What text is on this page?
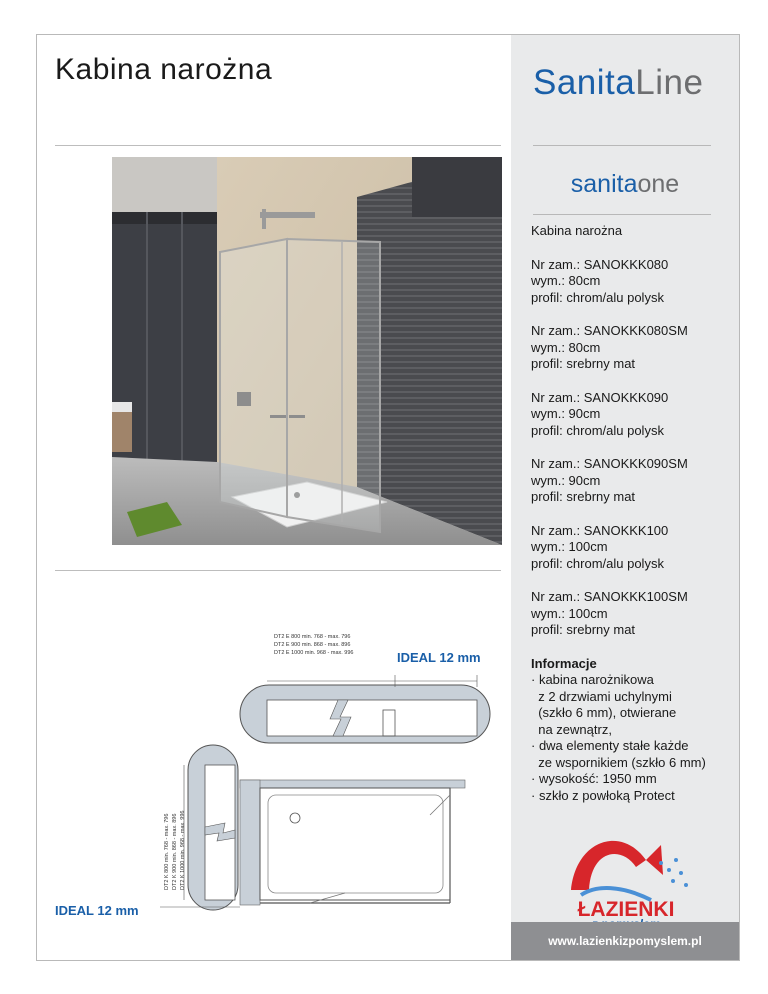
Kabina narożna
DT2 E 800 min. 768 - max. 796
DT2 E 900 min. 868 - max. 896
DT2 E 1000 min. 968 - max. 996	IDEAL 12 mm
DT2 K 800 min. 768 - max. 796 DT2 K 900 min. 868 - max. 896 DT2 K 1000 min. 968 - max. 996
IDEAL 12 mm
SanitaLine
sanitaone
Kabina narożna
Nr zam.: SANOKKK080
wym.: 80cm
profil: chrom/alu polysk
Nr zam.: SANOKKK080SM
wym.: 80cm
profil: srebrny mat
Nr zam.: SANOKKK090
wym.: 90cm
profil: chrom/alu polysk
Nr zam.: SANOKKK090SM
wym.: 90cm
profil: srebrny mat
Nr zam.: SANOKKK100
wym.: 100cm
profil: chrom/alu polysk
Nr zam.: SANOKKK100SM
wym.: 100cm
profil: srebrny mat
Informacje
· kabina narożnikowa
z 2 drzwiami uchylnymi
(szkło 6 mm), otwierane
na zewnątrz,
· dwa elementy stałe każde
ze wspornikiem (szkło 6 mm)
· wysokość: 1950 mm
· szkło z powłoką Protect
ŁAZIENKI
www.lazienkizpomyslem.pl
